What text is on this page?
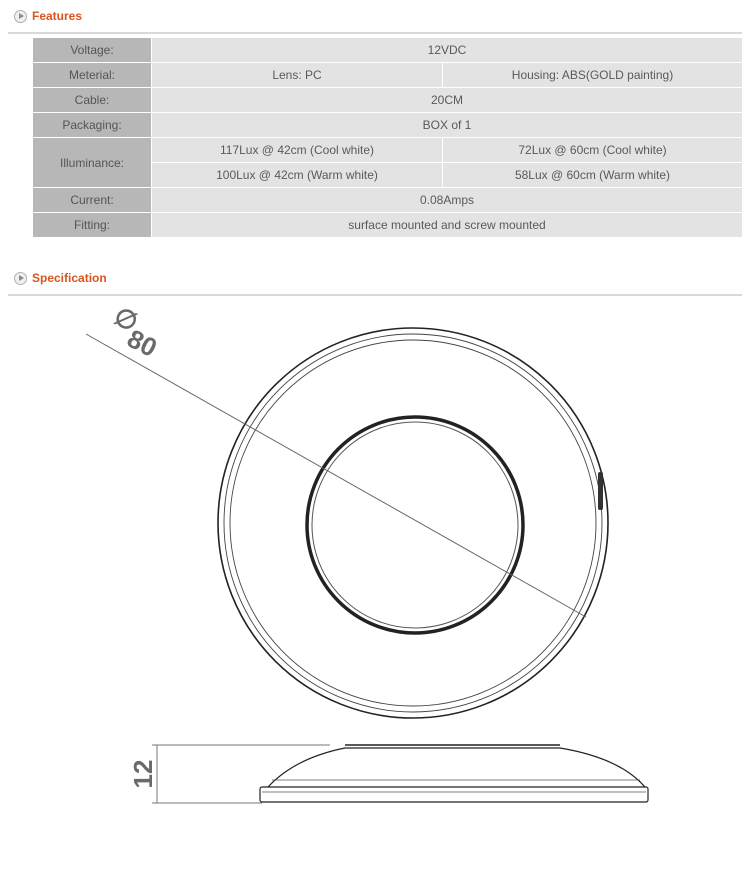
Features
Voltage:	12VDC	
Meterial:	Lens: PC	Housing: ABS(GOLD painting)
Cable:	20CM	
Packaging:	BOX of 1	
Illuminance:	117Lux @ 42cm (Cool white)	72Lux @ 60cm (Cool white)
	100Lux @ 42cm (Warm white)	58Lux @ 60cm (Warm white)
Current:	0.08Amps	
Fitting:	surface mounted and screw mounted	
Specification
∅
80
12
